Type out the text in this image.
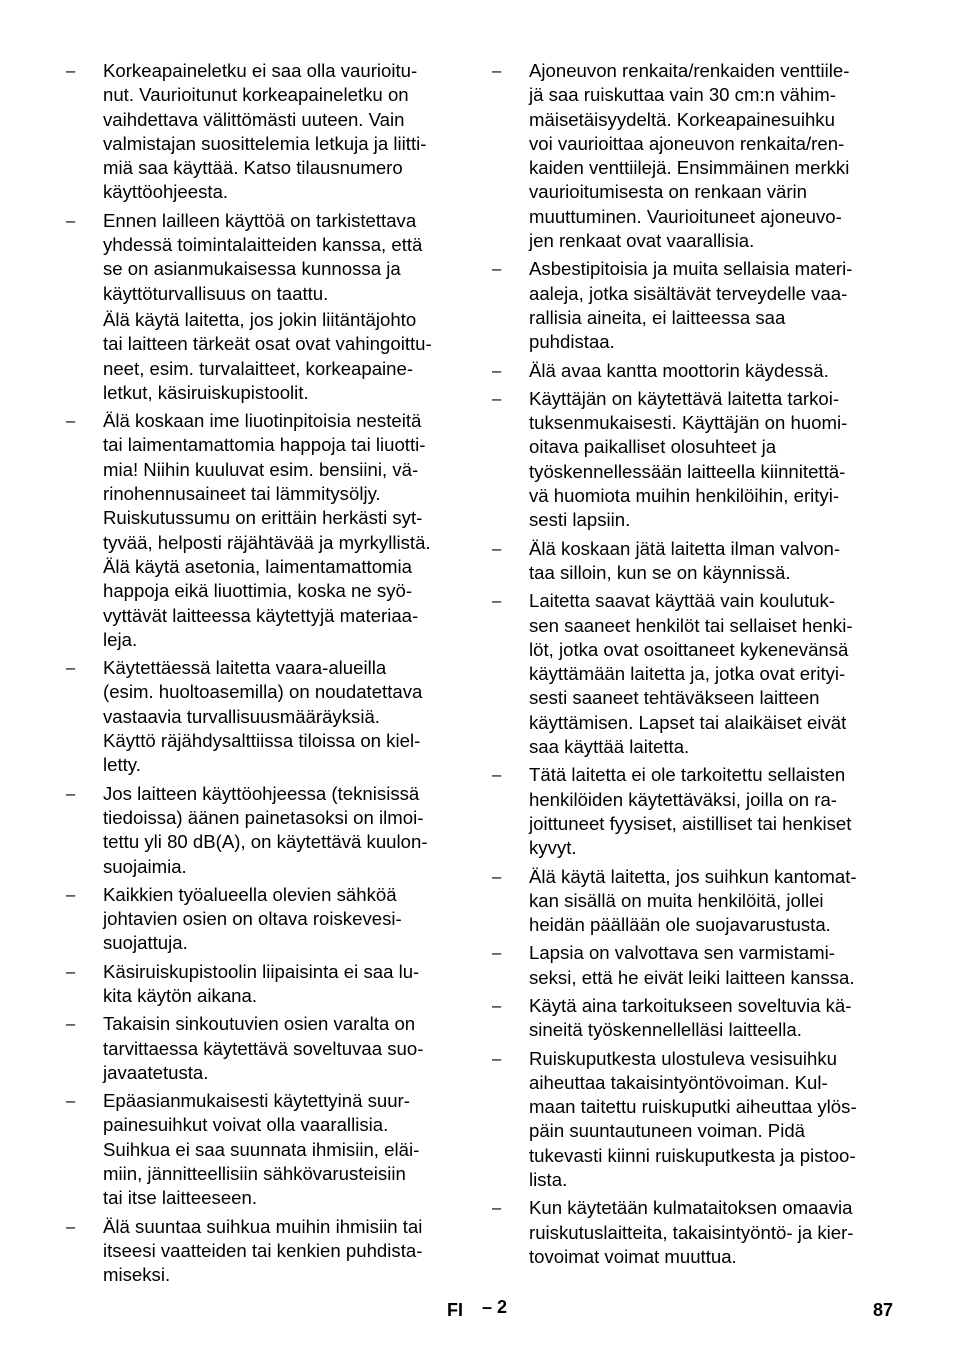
– Korkeapaineletku ei saa olla vaurioitu-
nut. Vaurioitunut korkeapaineletku on
vaihdettava välittömästi uuteen. Vain
valmistajan suosittelemia letkuja ja liitti-
miä saa käyttää. Katso tilausnumero
käyttöohjeesta.
– Ennen lailleen käyttöä on tarkistettava
yhdessä toimintalaitteiden kanssa, että
se on asianmukaisessa kunnossa ja
käyttöturvallisuus on taattu.
Älä käytä laitetta, jos jokin liitäntäjohto
tai laitteen tärkeät osat ovat vahingoittu-
neet, esim. turvalaitteet, korkeapaine-
letkut, käsiruiskupistoolit.
– Älä koskaan ime liuotinpitoisia nesteitä
tai laimentamattomia happoja tai liuotti-
mia! Niihin kuuluvat esim. bensiini, vä-
rinohennusaineet tai lämmitysöljy.
Ruiskutussumu on erittäin herkästi syt-
tyvää, helposti räjähtävää ja myrkyllistä.
Älä käytä asetonia, laimentamattomia
happoja eikä liuottimia, koska ne syö-
vyttävät laitteessa käytettyjä materiaa-
leja.
– Käytettäessä laitetta vaara-alueilla
(esim. huoltoasemilla) on noudatettava
vastaavia turvallisuusmääräyksiä.
Käyttö räjähdysalttiissa tiloissa on kiel-
letty.
– Jos laitteen käyttöohjeessa (teknisissä
tiedoissa) äänen painetasoksi on ilmoi-
tettu yli 80 dB(A), on käytettävä kuulon-
suojaimia.
– Kaikkien työalueella olevien sähköä
johtavien osien on oltava roiskevesi-
suojattuja.
– Käsiruiskupistoolin liipaisinta ei saa lu-
kita käytön aikana.
– Takaisin sinkoutuvien osien varalta on
tarvittaessa käytettävä soveltuvaa suo-
javaatetusta.
– Epäasianmukaisesti käytettyinä suur-
painesuihkut voivat olla vaarallisia.
Suihkua ei saa suunnata ihmisiin, eläi-
miin, jännitteellisiin sähkövarusteisiin
tai itse laitteeseen.
– Älä suuntaa suihkua muihin ihmisiin tai
itseesi vaatteiden tai kenkien puhdista-
miseksi.
– Ajoneuvon renkaita/renkaiden venttiile-
jä saa ruiskuttaa vain 30 cm:n vähim-
mäisetäisyydeltä. Korkeapainesuihku
voi vaurioittaa ajoneuvon renkaita/ren-
kaiden venttiilejä. Ensimmäinen merkki
vaurioitumisesta on renkaan värin
muuttuminen. Vaurioituneet ajoneuvo-
jen renkaat ovat vaarallisia.
– Asbestipitoisia ja muita sellaisia materi-
aaleja, jotka sisältävät terveydelle vaa-
rallisia aineita, ei laitteessa saa
puhdistaa.
– Älä avaa kantta moottorin käydessä.
– Käyttäjän on käytettävä laitetta tarkoi-
tuksenmukaisesti. Käyttäjän on huomi-
oitava paikalliset olosuhteet ja
työskennellessään laitteella kiinnitettä-
vä huomiota muihin henkilöihin, erityi-
sesti lapsiin.
– Älä koskaan jätä laitetta ilman valvon-
taa silloin, kun se on käynnissä.
– Laitetta saavat käyttää vain koulutuk-
sen saaneet henkilöt tai sellaiset henki-
löt, jotka ovat osoittaneet kykenevänsä
käyttämään laitetta ja, jotka ovat erityi-
sesti saaneet tehtäväkseen laitteen
käyttämisen. Lapset tai alaikäiset eivät
saa käyttää laitetta.
– Tätä laitetta ei ole tarkoitettu sellaisten
henkilöiden käytettäväksi, joilla on ra-
joittuneet fyysiset, aistilliset tai henkiset
kyvyt.
– Älä käytä laitetta, jos suihkun kantomat-
kan sisällä on muita henkilöitä, jollei
heidän päällään ole suojavarustusta.
– Lapsia on valvottava sen varmistami-
seksi, että he eivät leiki laitteen kanssa.
– Käytä aina tarkoitukseen soveltuvia kä-
sineitä työskennellelläsi laitteella.
– Ruiskuputkesta ulostuleva vesisuihku
aiheuttaa takaisintyöntövoiman. Kul-
maan taitettu ruiskuputki aiheuttaa ylös-
päin suuntautuneen voiman. Pidä
tukevasti kiinni ruiskuputkesta ja pistoo-
lista.
– Kun käytetään kulmataitoksen omaavia
ruiskutuslaitteita, takaisintyöntö- ja kier-
tovoimat voimat muuttua.
FI – 2	87
